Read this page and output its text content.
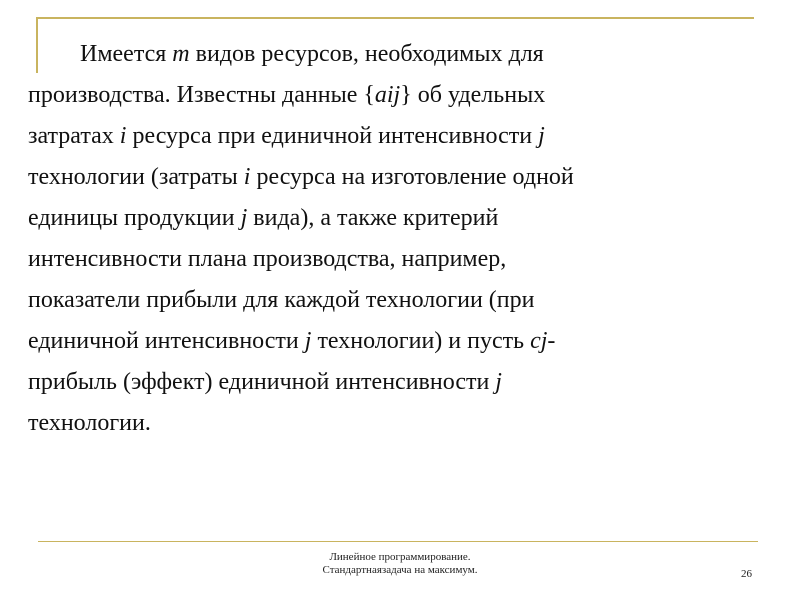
Имеется m видов ресурсов, необходимых для
производства. Известны данные {aij} об удельных
затратах i ресурса при единичной интенсивности j
технологии (затраты i ресурса на изготовление одной
единицы продукции j вида), а также критерий
интенсивности плана производства, например,
показатели прибыли для каждой технологии (при
единичной интенсивности j технологии) и пусть cj-
прибыль (эффект) единичной интенсивности j
технологии.
Линейное программирование.
Стандартнаязадача на максимум.	26
